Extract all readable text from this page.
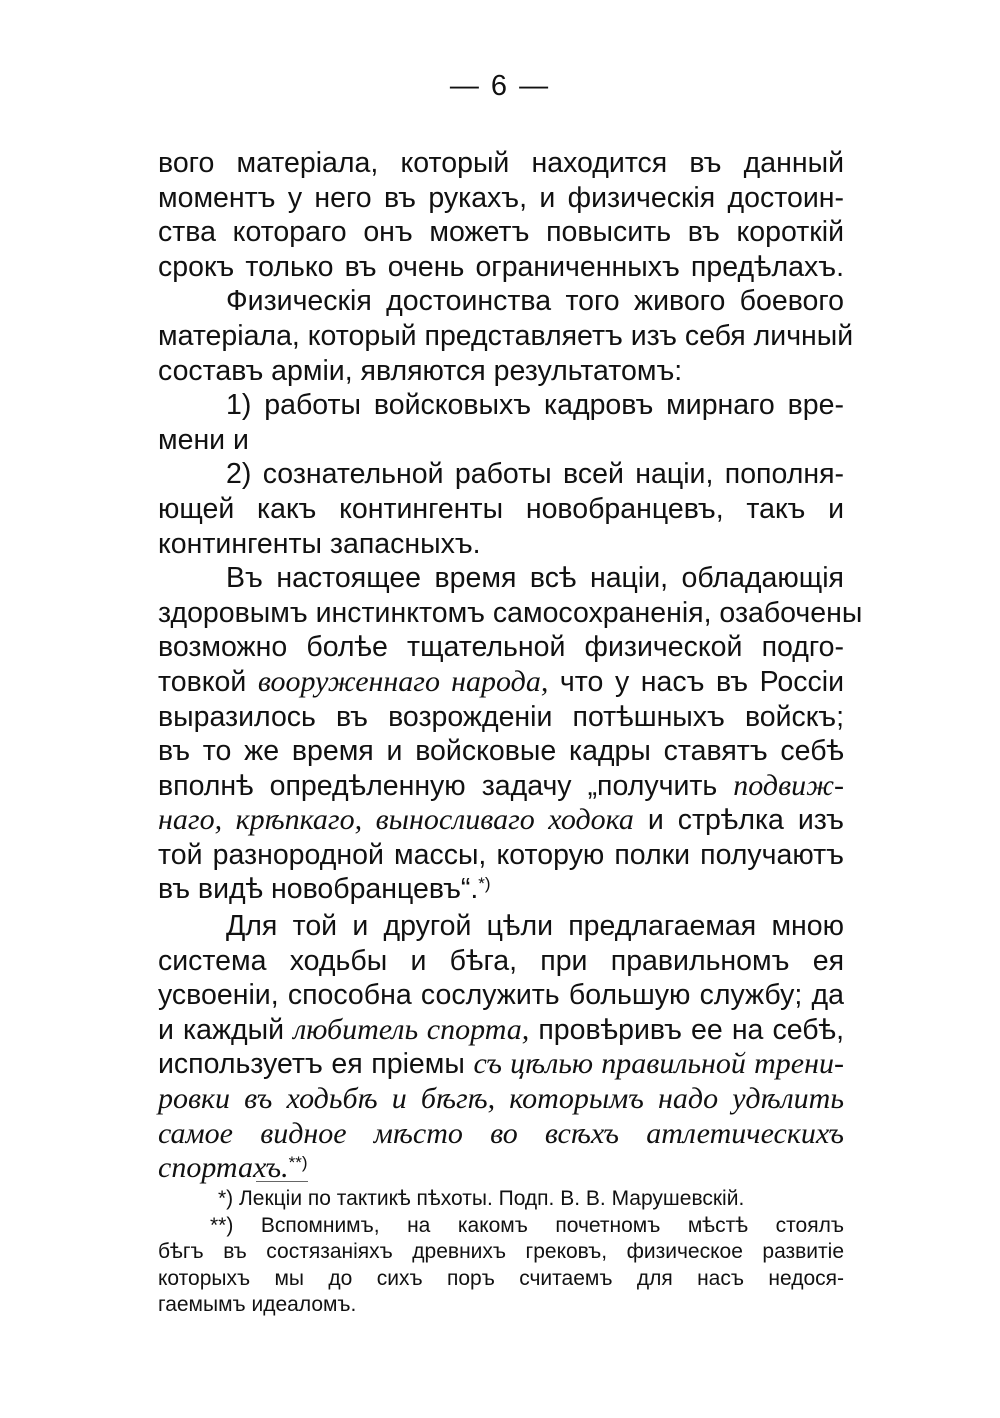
— 6 —
вого матеріала, который находится въ данный
моментъ у него въ рукахъ, и физическія достоин-
ства котораго онъ можетъ повысить въ короткій
срокъ только въ очень ограниченныхъ предѣлахъ.
Физическія достоинства того живого боевого
матеріала, который представляетъ изъ себя личный
составъ арміи, являются результатомъ:
1) работы войсковыхъ кадровъ мирнаго вре-
мени и
2) сознательной работы всей націи, пополня-
ющей какъ контингенты новобранцевъ, такъ и
контингенты запасныхъ.
Въ настоящее время всѣ націи, обладающія
здоровымъ инстинктомъ самосохраненія, озабочены
возможно болѣе тщательной физической подго-
товкой вооруженнаго народа, что у насъ въ Россіи
выразилось въ возрожденіи потѣшныхъ войскъ;
въ то же время и войсковые кадры ставятъ себѣ
вполнѣ опредѣленную задачу „получить подвиж-
наго, крѣпкаго, выносливаго ходока и стрѣлка изъ
той разнородной массы, которую полки получаютъ
въ видѣ новобранцевъ“.*)
Для той и другой цѣли предлагаемая мною
система ходьбы и бѣга, при правильномъ ея
усвоеніи, способна сослужить большую службу; да
и каждый любитель спорта, провѣривъ ее на себѣ,
используетъ ея пріемы съ цѣлью правильной трени-
ровки въ ходьбѣ и бѣгѣ, которымъ надо удѣлить
самое видное мѣсто во всѣхъ атлетическихъ
спортахъ.**)
*) Лекціи по тактикѣ пѣхоты. Подп. В. В. Марушевскій.
**) Вспомнимъ, на какомъ почетномъ мѣстѣ стоялъ
бѣгъ въ состязаніяхъ древнихъ грековъ, физическое развитіе
которыхъ мы до сихъ поръ считаемъ для насъ недося-
гаемымъ идеаломъ.
